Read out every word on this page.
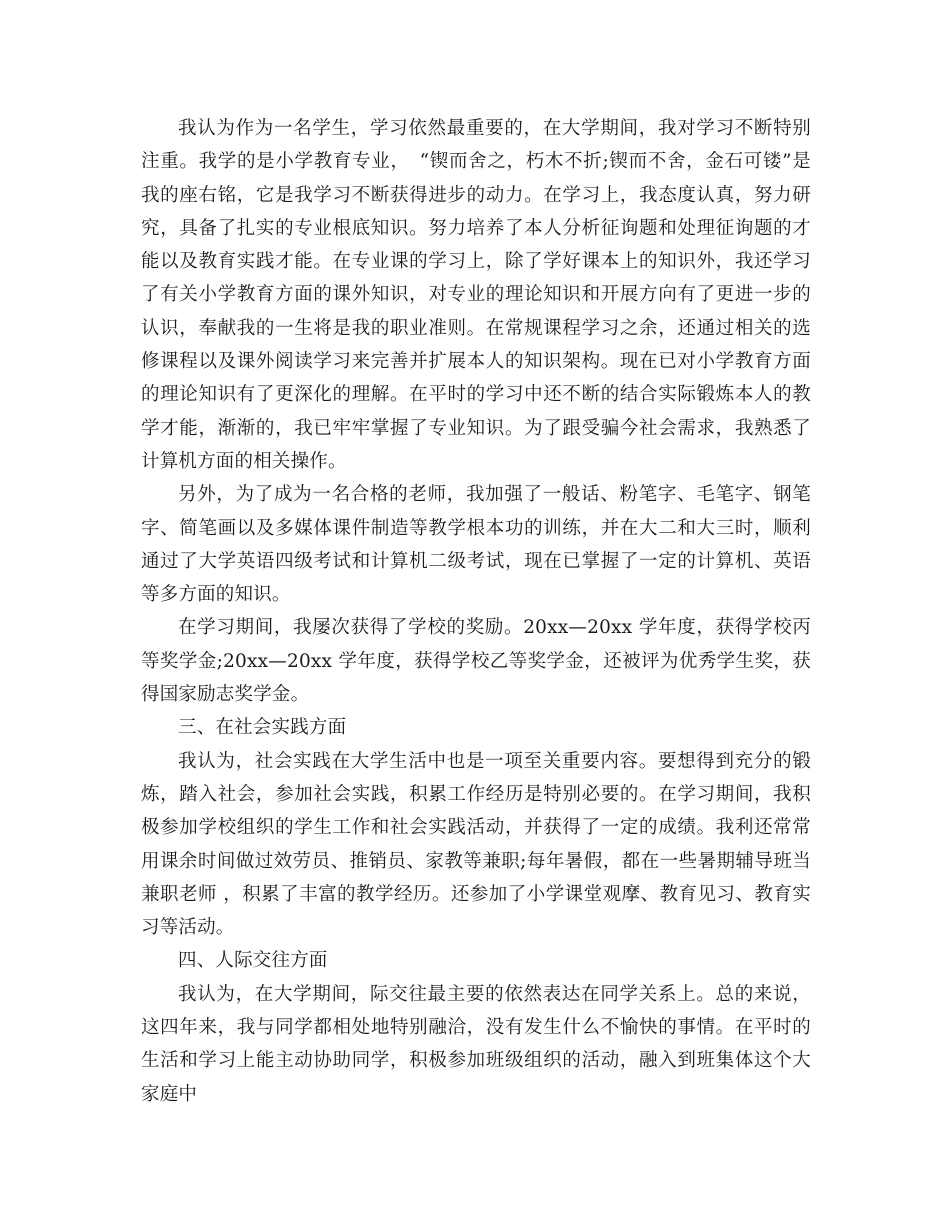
我认为作为一名学生，学习依然最重要的，在大学期间，我对学习不断特别注重。我学的是小学教育专业，　“锲而舍之，朽木不折;锲而不舍，金石可镂”是我的座右铭，它是我学习不断获得进步的动力。在学习上，我态度认真，努力研究，具备了扎实的专业根底知识。努力培养了本人分析征询题和处理征询题的才能以及教育实践才能。在专业课的学习上，除了学好课本上的知识外，我还学习了有关小学教育方面的课外知识，对专业的理论知识和开展方向有了更进一步的认识，奉献我的一生将是我的职业准则。在常规课程学习之余，还通过相关的选修课程以及课外阅读学习来完善并扩展本人的知识架构。现在已对小学教育方面的理论知识有了更深化的理解。在平时的学习中还不断的结合实际锻炼本人的教学才能，渐渐的，我已牢牢掌握了专业知识。为了跟受骗今社会需求，我熟悉了计算机方面的相关操作。

另外，为了成为一名合格的老师，我加强了一般话、粉笔字、毛笔字、钢笔字、简笔画以及多媒体课件制造等教学根本功的训练，并在大二和大三时，顺利通过了大学英语四级考试和计算机二级考试，现在已掌握了一定的计算机、英语等多方面的知识。

在学习期间，我屡次获得了学校的奖励。20xx—20xx 学年度，获得学校丙等奖学金;20xx—20xx 学年度，获得学校乙等奖学金，还被评为优秀学生奖，获得国家励志奖学金。

三、在社会实践方面

我认为，社会实践在大学生活中也是一项至关重要内容。要想得到充分的锻炼，踏入社会，参加社会实践，积累工作经历是特别必要的。在学习期间，我积极参加学校组织的学生工作和社会实践活动，并获得了一定的成绩。我利还常常用课余时间做过效劳员、推销员、家教等兼职;每年暑假，都在一些暑期辅导班当兼职老师 ，积累了丰富的教学经历。还参加了小学课堂观摩、教育见习、教育实习等活动。

四、人际交往方面

我认为，在大学期间，际交往最主要的依然表达在同学关系上。总的来说，这四年来，我与同学都相处地特别融洽，没有发生什么不愉快的事情。在平时的生活和学习上能主动协助同学，积极参加班级组织的活动，融入到班集体这个大家庭中
